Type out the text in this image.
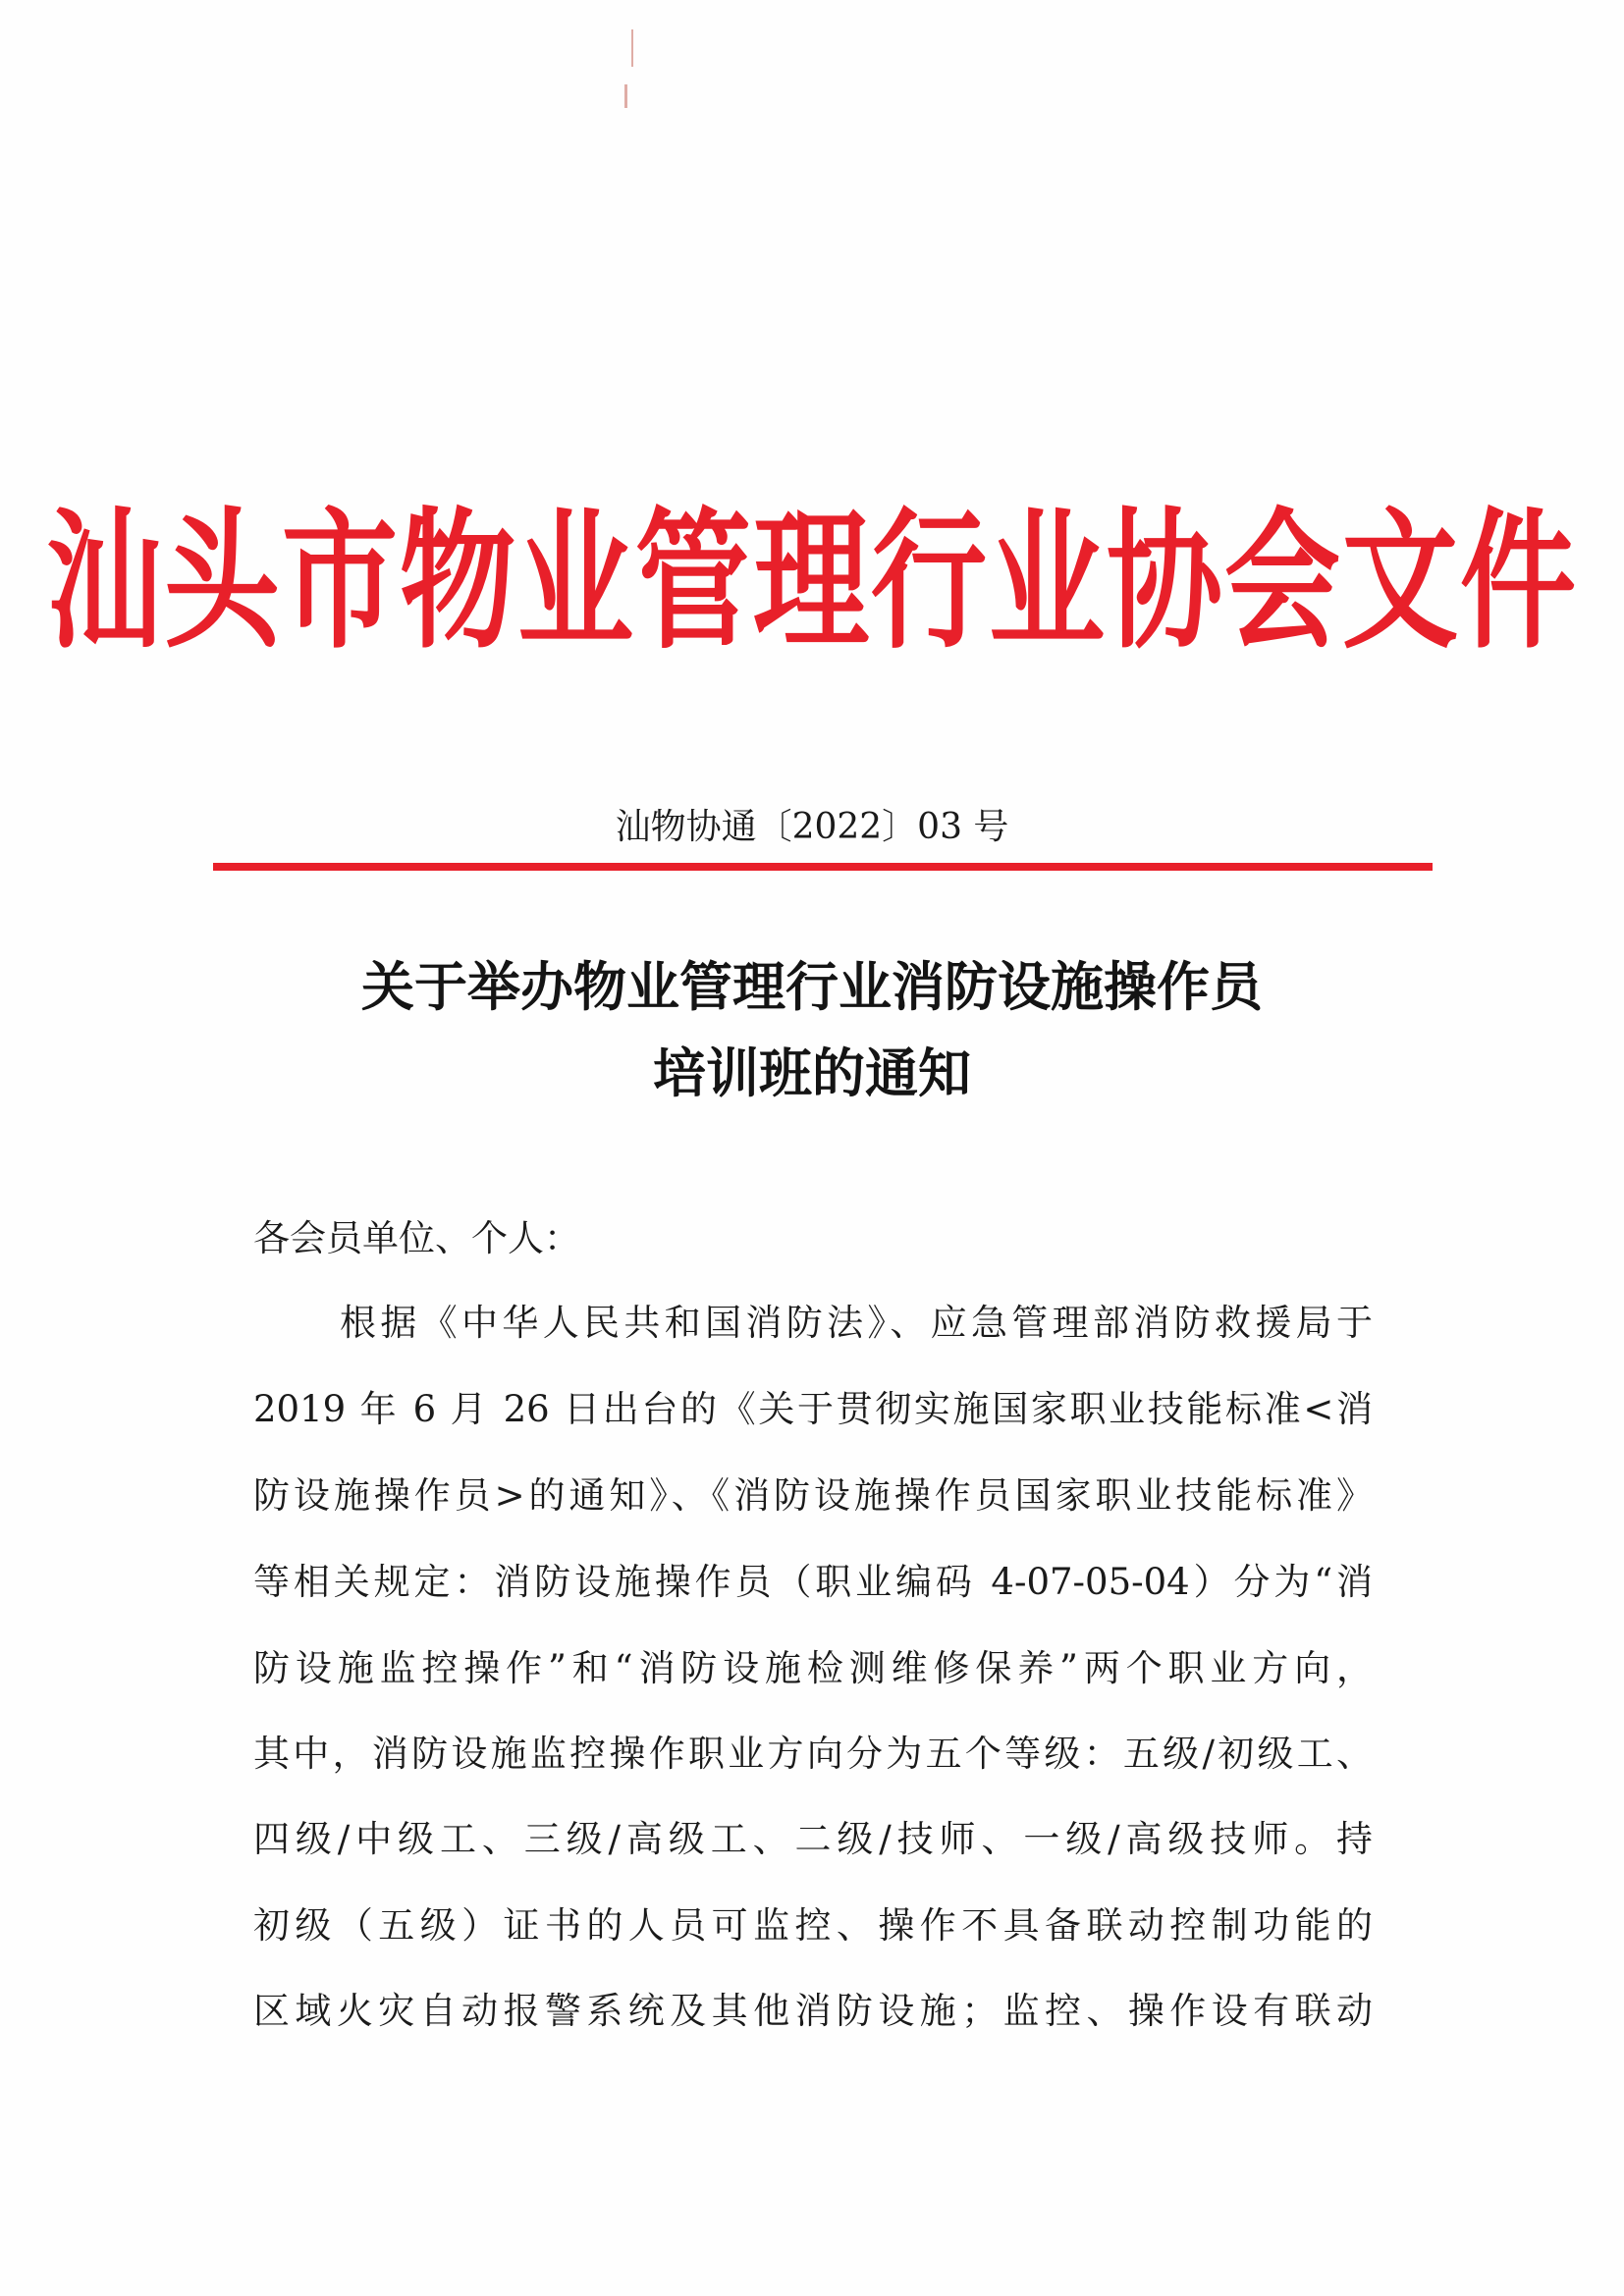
汕头市物业管理行业协会文件
汕物协通〔2022〕03 号
关于举办物业管理行业消防设施操作员
培训班的通知
各会员单位、个人：
根据《中华人民共和国消防法》、应急管理部消防救援局于
2019 年 6 月 26 日出台的《关于贯彻实施国家职业技能标准<消
防设施操作员>的通知》、《消防设施操作员国家职业技能标准》
等相关规定：消防设施操作员（职业编码 4-07-05-04）分为“消
防设施监控操作”和“消防设施检测维修保养”两个职业方向，
其中，消防设施监控操作职业方向分为五个等级：五级/初级工、
四级/中级工、三级/高级工、二级/技师、一级/高级技师。持
初级（五级）证书的人员可监控、操作不具备联动控制功能的
区域火灾自动报警系统及其他消防设施；监控、操作设有联动
